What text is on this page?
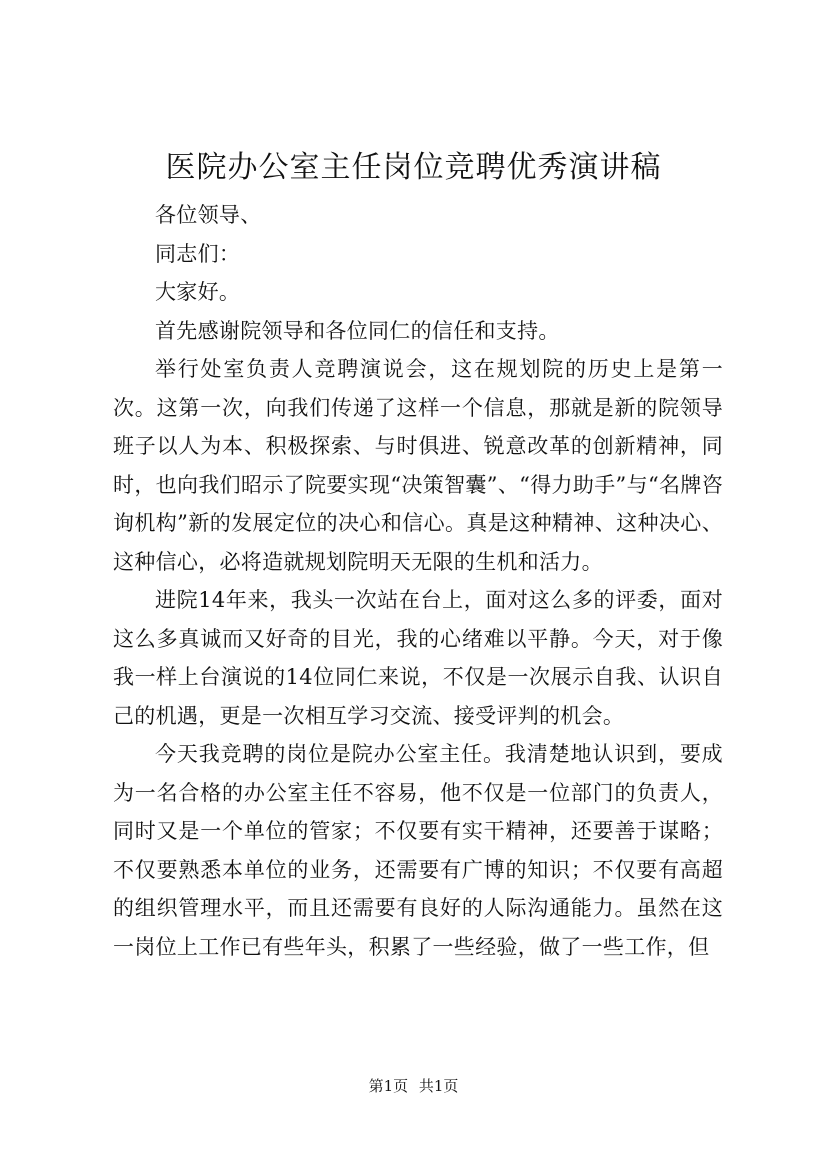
医院办公室主任岗位竞聘优秀演讲稿

各位领导、

同志们：

大家好。

首先感谢院领导和各位同仁的信任和支持。

举行处室负责人竞聘演说会，这在规划院的历史上是第一次。这第一次，向我们传递了这样一个信息，那就是新的院领导班子以人为本、积极探索、与时俱进、锐意改革的创新精神，同时，也向我们昭示了院要实现“决策智囊”、“得力助手”与“名牌咨询机构”新的发展定位的决心和信心。真是这种精神、这种决心、这种信心，必将造就规划院明天无限的生机和活力。

进院14年来，我头一次站在台上，面对这么多的评委，面对这么多真诚而又好奇的目光，我的心绪难以平静。今天，对于像我一样上台演说的14位同仁来说，不仅是一次展示自我、认识自己的机遇，更是一次相互学习交流、接受评判的机会。

今天我竞聘的岗位是院办公室主任。我清楚地认识到，要成为一名合格的办公室主任不容易，他不仅是一位部门的负责人，同时又是一个单位的管家；不仅要有实干精神，还要善于谋略；不仅要熟悉本单位的业务，还需要有广博的知识；不仅要有高超的组织管理水平，而且还需要有良好的人际沟通能力。虽然在这一岗位上工作已有些年头，积累了一些经验，做了一些工作，但

第1页 共1页
